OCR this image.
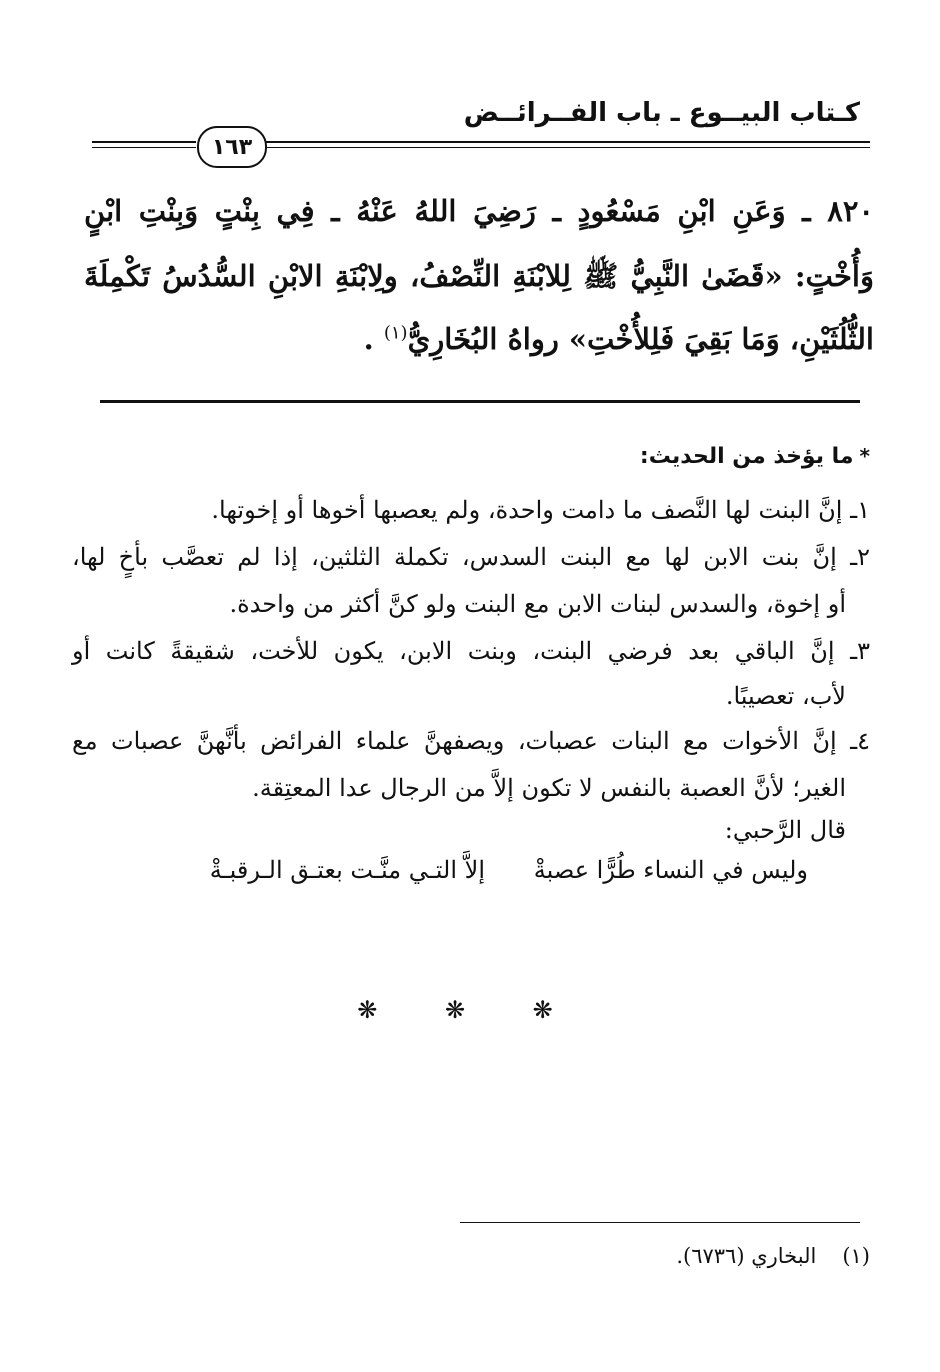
كـتاب البيــوع ـ باب الفــرائــض
١٦٣
٨٢٠ ـ وَعَنِ ابْنِ مَسْعُودٍ ـ رَضِيَ اللهُ عَنْهُ ـ فِي بِنْتٍ وَبِنْتِ ابْنٍ
وَأُخْتٍ: «قَضَىٰ النَّبِيُّ ﷺ لِلابْنَةِ النِّصْفُ، ولِابْنَةِ الابْنِ السُّدُسُ تَكْمِلَةَ
الثُّلُثَيْنِ، وَمَا بَقِيَ فَلِلأُخْتِ» رواهُ البُخَارِيُّ$^{(١)}$ .
*ما يؤخذ من الحديث:
١ـ إنَّ البنت لها النَّصف ما دامت واحدة، ولم يعصبها أخوها أو إخوتها.
٢ـ إنَّ بنت الابن لها مع البنت السدس، تكملة الثلثين، إذا لم تعصَّب بأخٍ لها،
أو إخوة، والسدس لبنات الابن مع البنت ولو كنَّ أكثر من واحدة.
٣ـ إنَّ الباقي بعد فرضي البنت، وبنت الابن، يكون للأخت، شقيقةً كانت أو
لأب، تعصيبًا.
٤ـ إنَّ الأخوات مع البنات عصبات، ويصفهنَّ علماء الفرائض بأنَّهنَّ عصبات مع
الغير؛ لأنَّ العصبة بالنفس لا تكون إلاَّ من الرجال عدا المعتِقة.
قال الرَّحبي:
وليس في النساء طُرًّا عصبةْ
إلاَّ التـي منَّـت بعتـق الـرقبـةْ
❋ ❋ ❋
(١)البخاري (٦٧٣٦).
